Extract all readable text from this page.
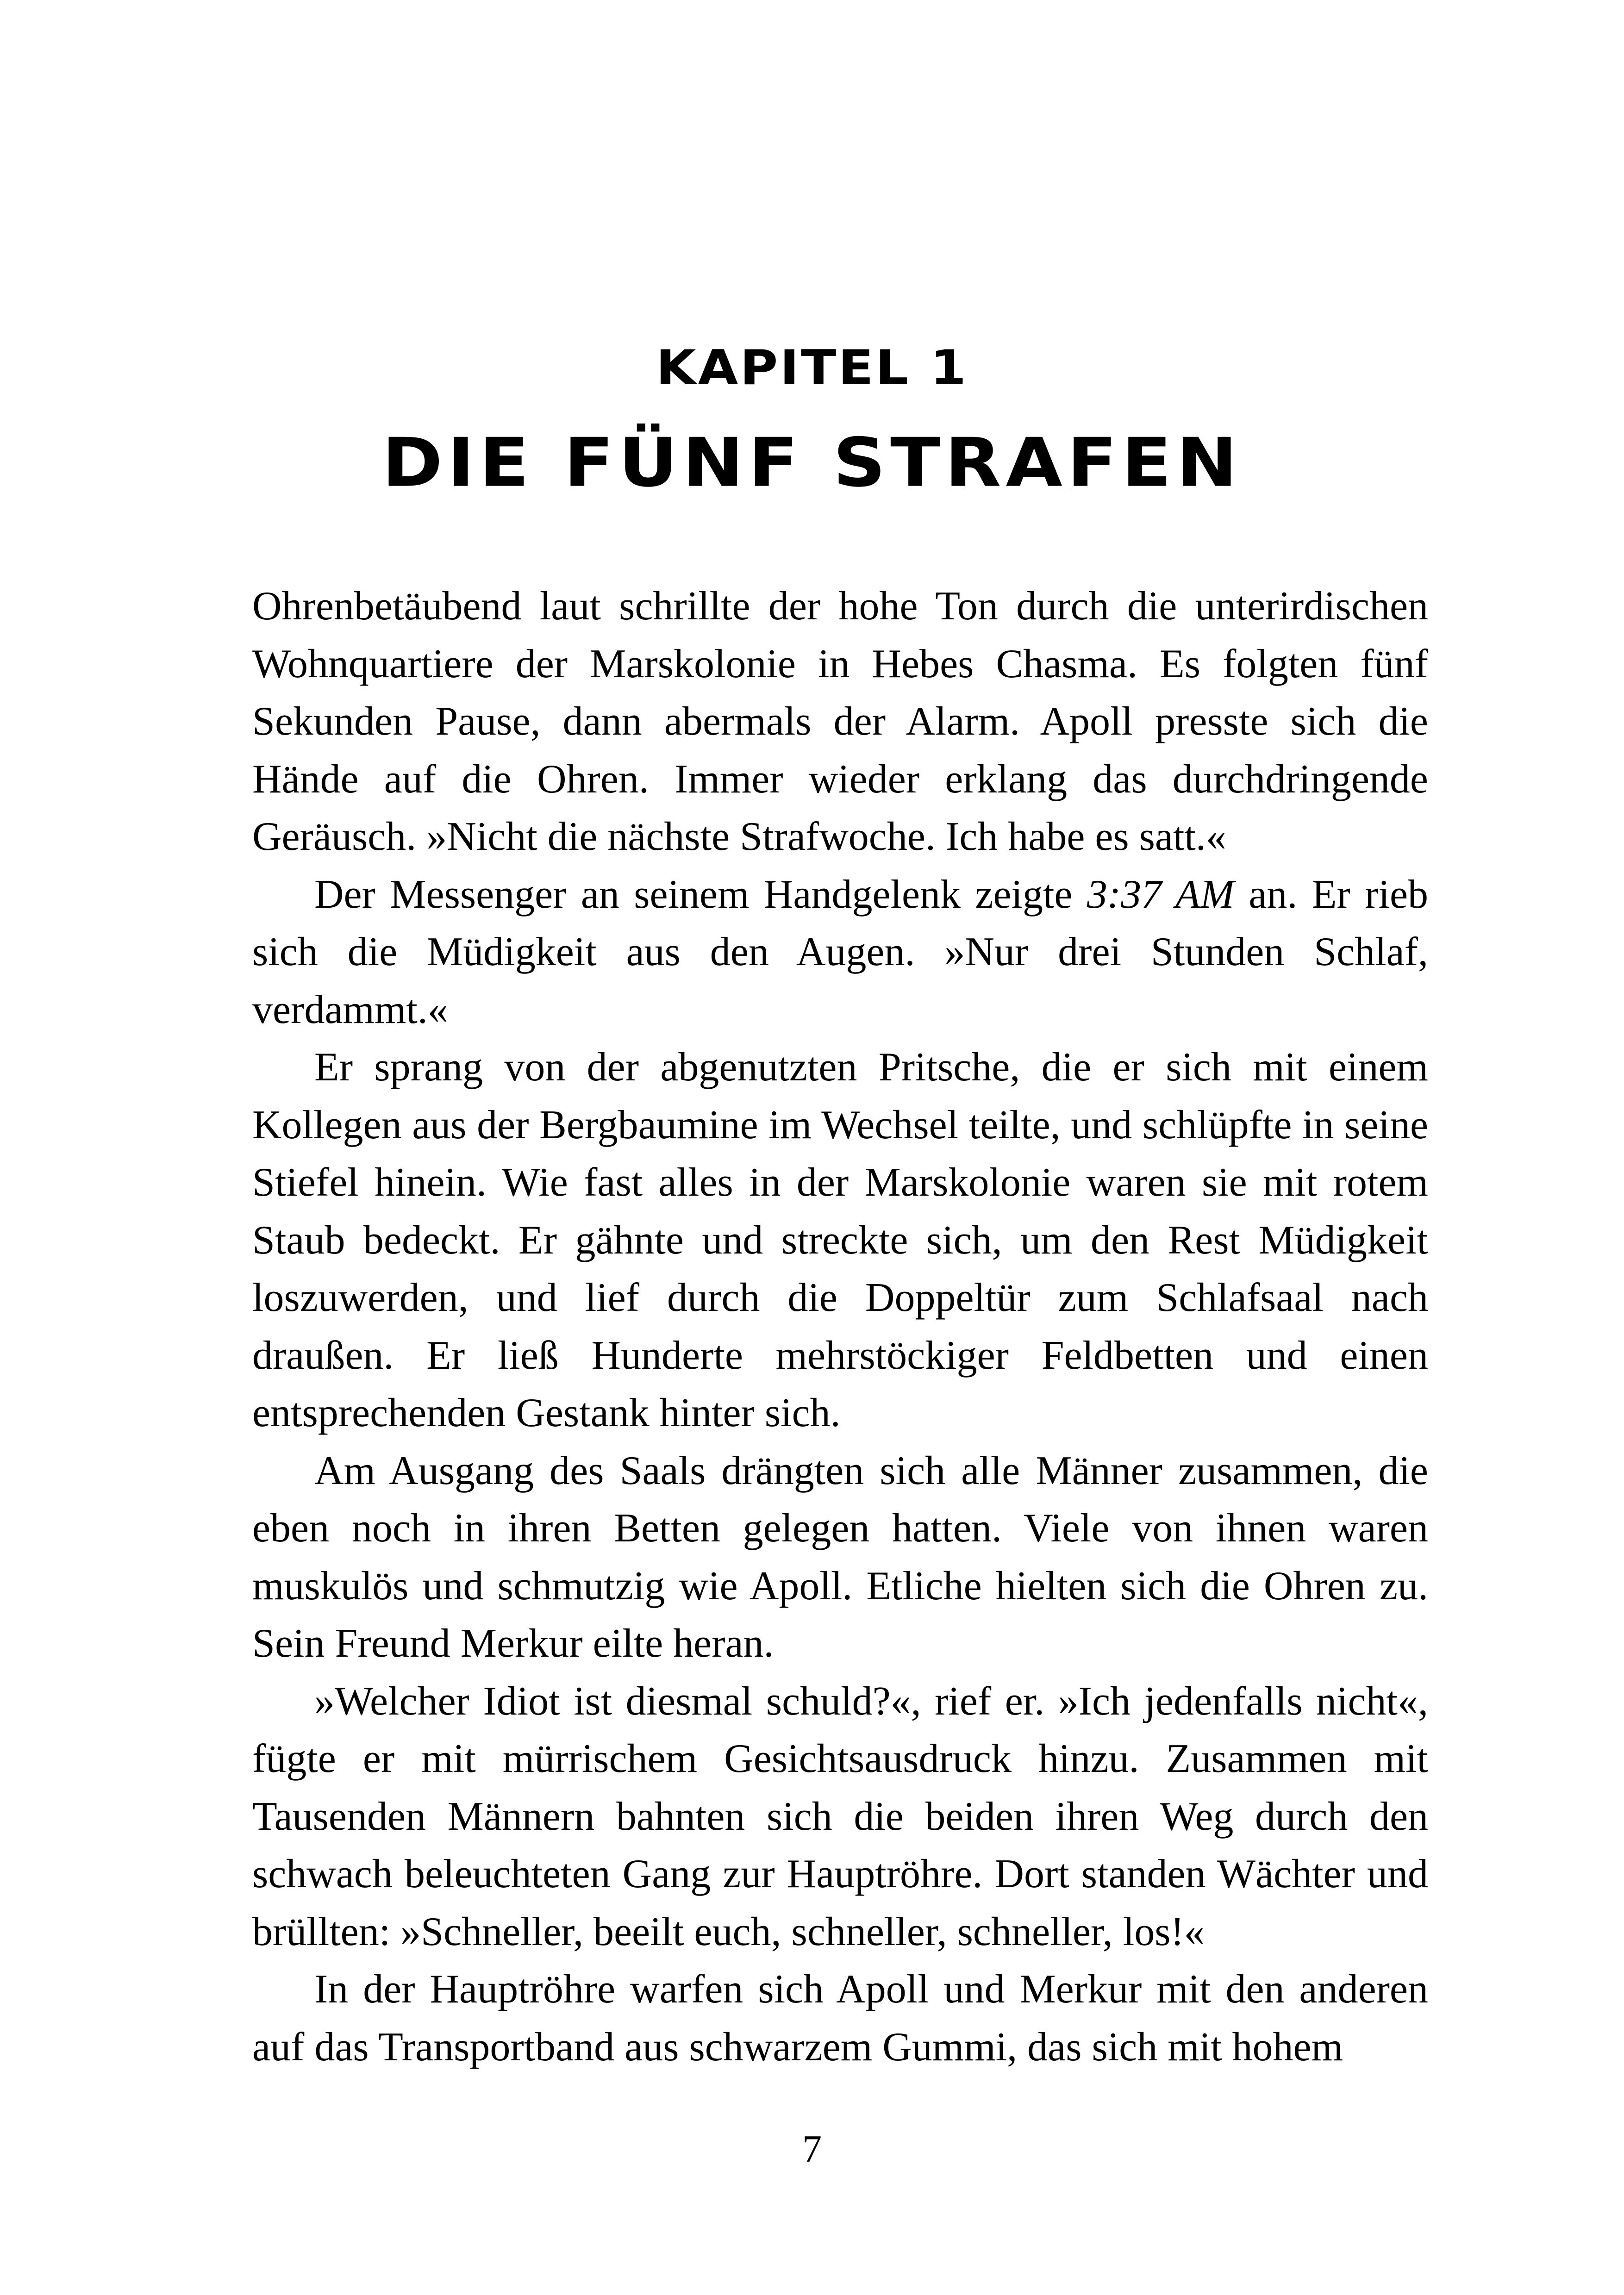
KAPITEL 1
DIE FÜNF STRAFEN

Ohrenbetäubend laut schrillte der hohe Ton durch die unterirdischen Wohnquartiere der Marskolonie in Hebes Chasma. Es folgten fünf Sekunden Pause, dann abermals der Alarm. Apoll presste sich die Hände auf die Ohren. Immer wieder erklang das durchdringende Geräusch. »Nicht die nächste Strafwoche. Ich habe es satt.«

Der Messenger an seinem Handgelenk zeigte 3:37 AM an. Er rieb sich die Müdigkeit aus den Augen. »Nur drei Stunden Schlaf, verdammt.«

Er sprang von der abgenutzten Pritsche, die er sich mit einem Kollegen aus der Bergbaumine im Wechsel teilte, und schlüpfte in seine Stiefel hinein. Wie fast alles in der Marskolonie waren sie mit rotem Staub bedeckt. Er gähnte und streckte sich, um den Rest Müdigkeit loszuwerden, und lief durch die Doppeltür zum Schlafsaal nach draußen. Er ließ Hunderte mehrstöckiger Feldbetten und einen entsprechenden Gestank hinter sich.

Am Ausgang des Saals drängten sich alle Männer zusammen, die eben noch in ihren Betten gelegen hatten. Viele von ihnen waren muskulös und schmutzig wie Apoll. Etliche hielten sich die Ohren zu. Sein Freund Merkur eilte heran.

»Welcher Idiot ist diesmal schuld?«, rief er. »Ich jedenfalls nicht«, fügte er mit mürrischem Gesichtsausdruck hinzu. Zusammen mit Tausenden Männern bahnten sich die beiden ihren Weg durch den schwach beleuchteten Gang zur Hauptröhre. Dort standen Wächter und brüllten: »Schneller, beeilt euch, schneller, schneller, los!«

In der Hauptröhre warfen sich Apoll und Merkur mit den anderen auf das Transportband aus schwarzem Gummi, das sich mit hohem

7
